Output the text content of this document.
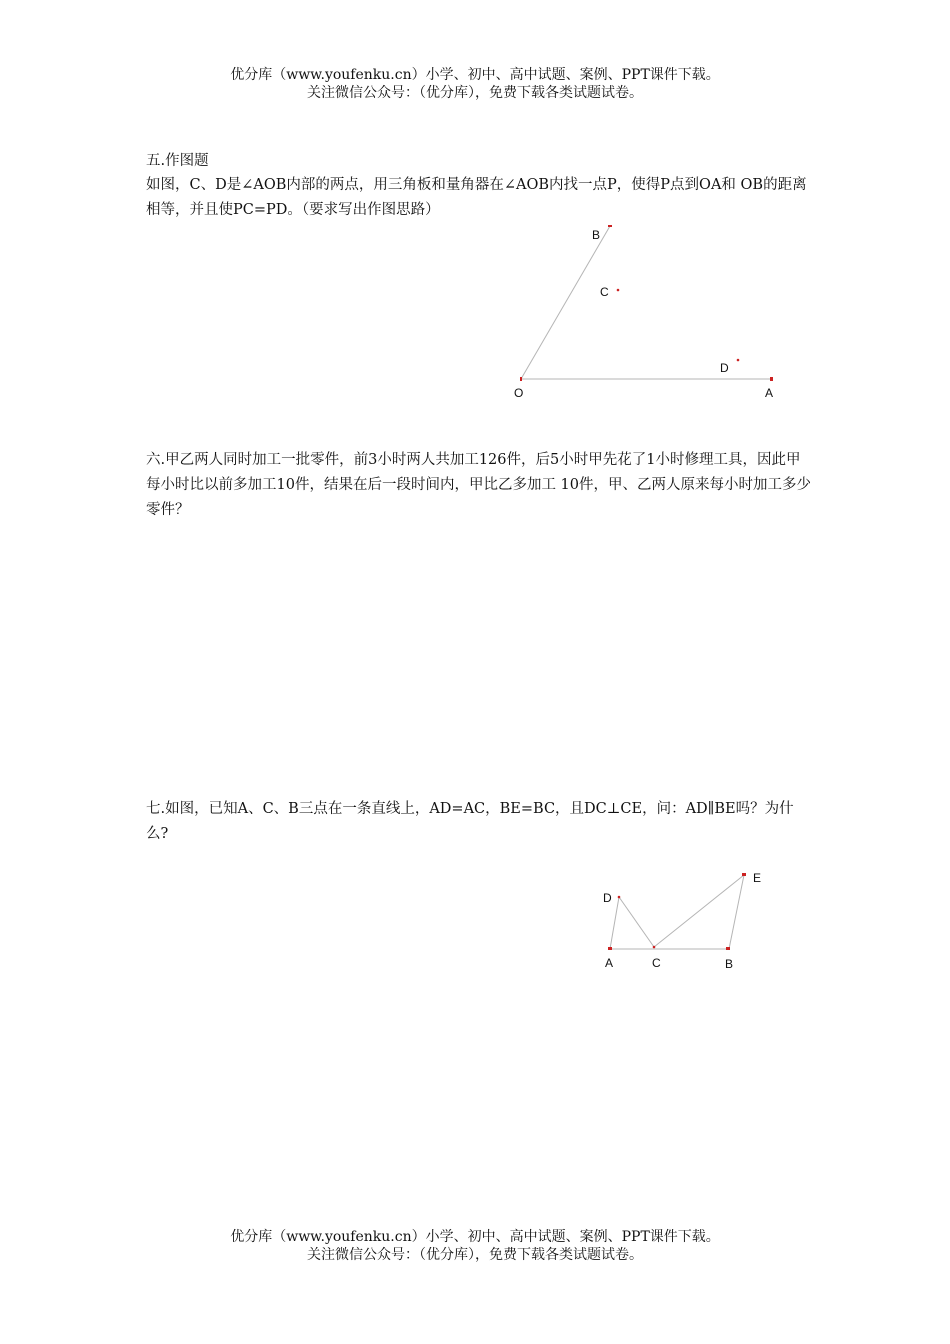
优分库（www.youfenku.cn）小学、初中、高中试题、案例、PPT课件下载。
关注微信公众号：（优分库），免费下载各类试题试卷。
五.作图题

如图，C、D是∠AOB内部的两点，用三角板和量角器在∠AOB内找一点P，使得P点到OA和 OB的距离相等，并且使PC=PD。（要求写出作图思路）

B
C
D
O	A
D
E
A	C	B

六.甲乙两人同时加工一批零件，前3小时两人共加工126件，后5小时甲先花了1小时修理工具，因此甲每小时比以前多加工10件，结果在后一段时间内，甲比乙多加工 10件，甲、乙两人原来每小时加工多少零件？

七.如图，已知A、C、B三点在一条直线上，AD=AC，BE=BC，且DC⊥CE，问：AD∥BE吗？为什么?

优分库（www.youfenku.cn）小学、初中、高中试题、案例、PPT课件下载。
关注微信公众号：（优分库），免费下载各类试题试卷。
